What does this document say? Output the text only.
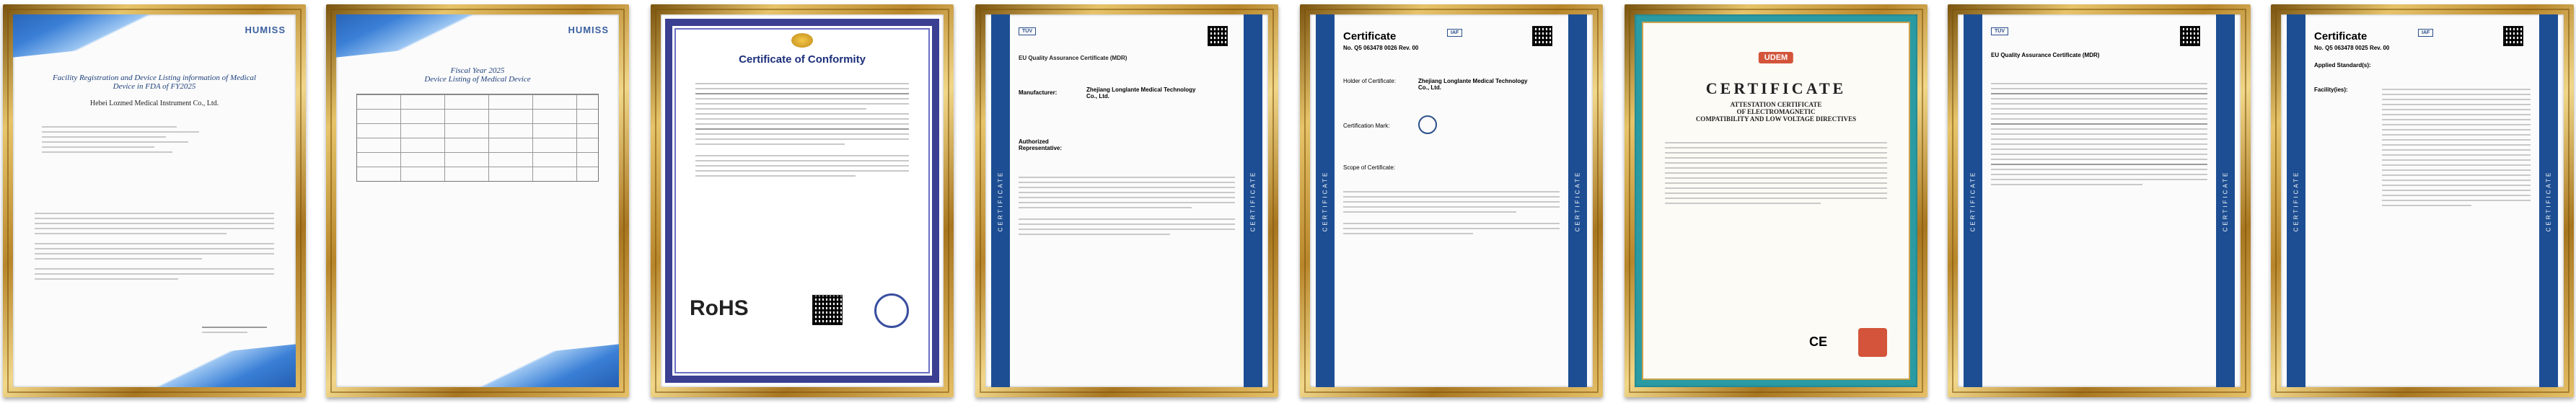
HUMISS
Facility Registration and Device Listing information of Medical
Device in FDA of FY2025
Hebei Lozmed Medical Instrument Co., Ltd.
HUMISS
Fiscal Year 2025
Device Listing of Medical Device
Certificate of Conformity
RoHS
CERTIFICATE	CERTIFICATE
TÜV
EU Quality Assurance Certificate (MDR)
Manufacturer:	Zhejiang Longlante Medical Technology Co., Ltd.
Authorized Representative:
CERTIFICATE	CERTIFICATE
Certificate
No. Q5 063478 0026 Rev. 00
IAF
Holder of Certificate:	Zhejiang Longlante Medical Technology Co., Ltd.
Certification Mark:
Scope of Certificate:
UDEM
CERTIFICATE
ATTESTATION CERTIFICATE
OF ELECTROMAGNETIC
COMPATIBILITY AND LOW VOLTAGE DIRECTIVES
CE
CERTIFICATE	CERTIFICATE
TÜV
EU Quality Assurance Certificate (MDR)
CERTIFICATE	CERTIFICATE
Certificate
No. Q5 063478 0025 Rev. 00
IAF
Applied Standard(s):
Facility(ies):
